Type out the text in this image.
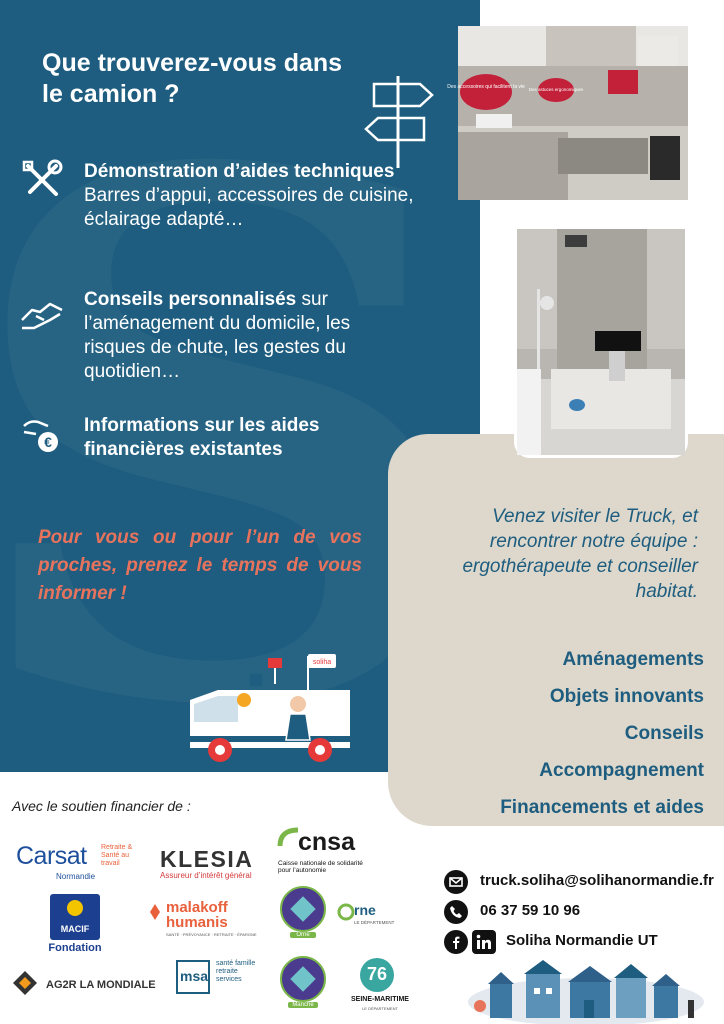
Que trouverez-vous dans le camion ?
Démonstration d’aides techniques
Barres d’appui, accessoires de cuisine, éclairage adapté…
Conseils personnalisés sur l’aménagement du domicile, les risques de chute, les gestes du quotidien…
€
Informations sur les aides financières existantes

Pour vous ou pour l’un de vos proches, prenez le temps de vous informer !

soliha
Des accessoires qui facilitent la vie Des astuces ergonomiques

Venez visiter le Truck, et rencontrer notre équipe : ergothérapeute et conseiller habitat.

Aménagements
Objets innovants
Conseils
Accompagnement
Financements et aides
Avec le soutien financier de :
Carsat Retraite & Santé au travail
Normandie
KLESIA
Assureur d’intérêt général
cnsa
Caisse nationale de solidarité pour l’autonomie
MACIF
Fondation
malakoff humanis
SANTÉ · PRÉVOYANCE · RETRAITE · ÉPARGNE	Orne
rne
LE DÉPARTEMENT
AG2R LA MONDIALE
msa
santé famille retraite services
Manche
76
SEINE-MARITIME
LE DÉPARTEMENT
truck.soliha@solihanormandie.fr
06 37 59 10 96
Soliha Normandie UT
